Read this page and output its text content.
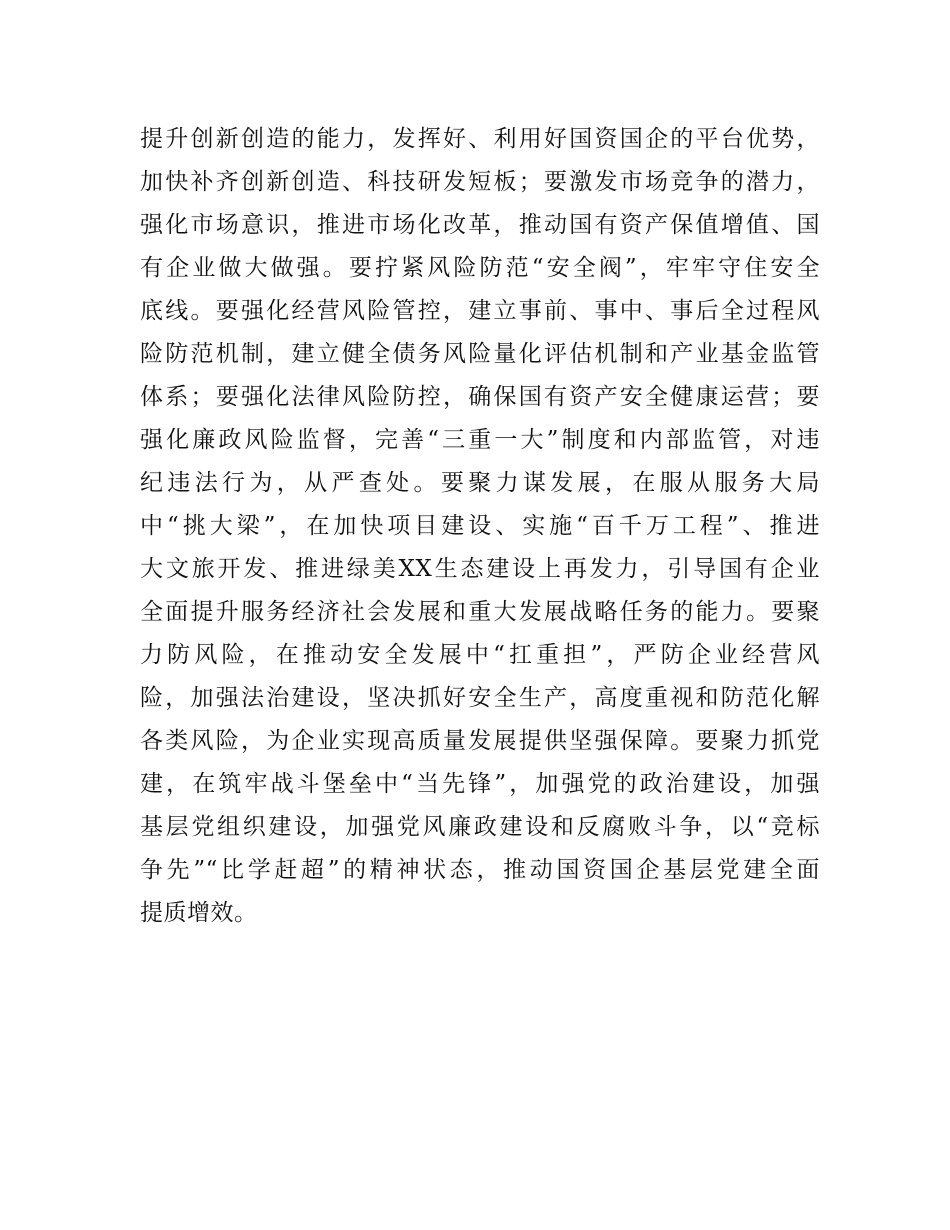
提升创新创造的能力，发挥好、利用好国资国企的平台优势，
加快补齐创新创造、科技研发短板；要激发市场竞争的潜力，
强化市场意识，推进市场化改革，推动国有资产保值增值、国
有企业做大做强。要拧紧风险防范“安全阀”，牢牢守住安全
底线。要强化经营风险管控，建立事前、事中、事后全过程风
险防范机制，建立健全债务风险量化评估机制和产业基金监管
体系；要强化法律风险防控，确保国有资产安全健康运营；要
强化廉政风险监督，完善“三重一大”制度和内部监管，对违
纪违法行为，从严查处。要聚力谋发展，在服从服务大局
中“挑大梁”，在加快项目建设、实施“百千万工程”、推进
大文旅开发、推进绿美XX生态建设上再发力，引导国有企业
全面提升服务经济社会发展和重大发展战略任务的能力。要聚
力防风险，在推动安全发展中“扛重担”，严防企业经营风
险，加强法治建设，坚决抓好安全生产，高度重视和防范化解
各类风险，为企业实现高质量发展提供坚强保障。要聚力抓党
建，在筑牢战斗堡垒中“当先锋”，加强党的政治建设，加强
基层党组织建设，加强党风廉政建设和反腐败斗争，以“竞标
争先”“比学赶超”的精神状态，推动国资国企基层党建全面
提质增效。
